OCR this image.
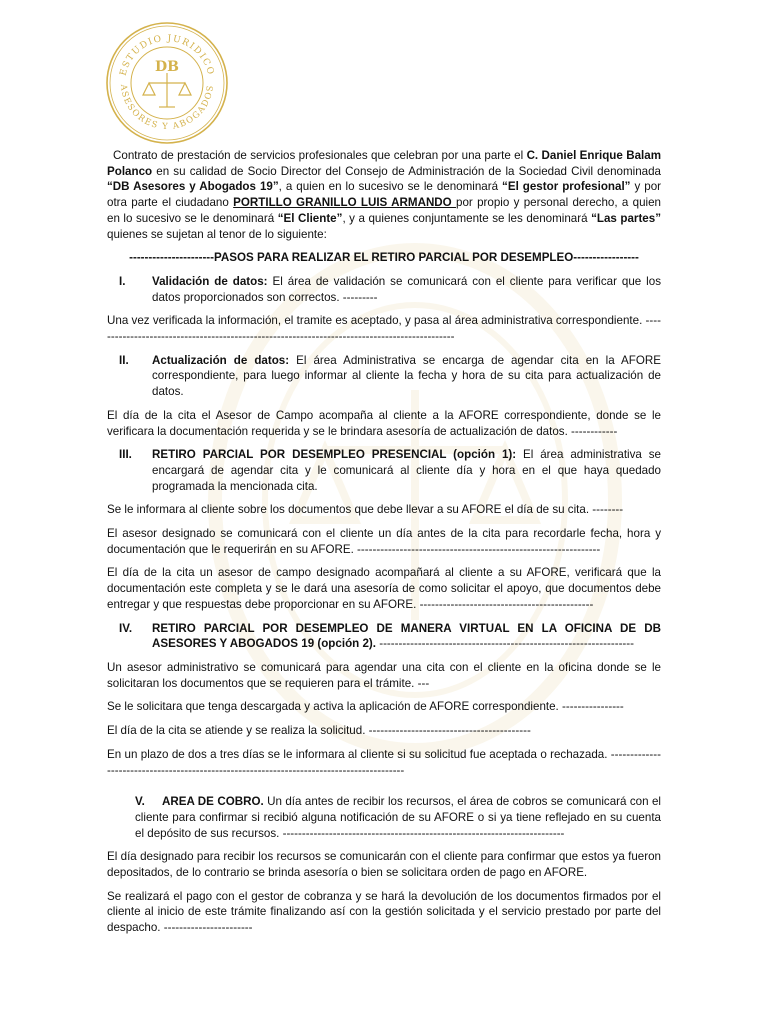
ESTUDIO JURIDICO
ASESORES Y ABOGADOS
DB

Contrato de prestación de servicios profesionales que celebran por una parte el C. Daniel Enrique Balam Polanco en su calidad de Socio Director del Consejo de Administración de la Sociedad Civil denominada “DB Asesores y Abogados 19”, a quien en lo sucesivo se le denominará “El gestor profesional” y por otra parte el ciudadano PORTILLO GRANILLO LUIS ARMANDO por propio y personal derecho, a quien en lo sucesivo se le denominará “El Cliente”, y a quienes conjuntamente se les denominará “Las partes” quienes se sujetan al tenor de lo siguiente:

----------------------PASOS PARA REALIZAR EL RETIRO PARCIAL POR DESEMPLEO-----------------

I.	Validación de datos: El área de validación se comunicará con el cliente para verificar que los datos proporcionados son correctos. ---------

Una vez verificada la información, el tramite es aceptado, y pasa al área administrativa correspondiente. ----------------------------------------------------------------------------------------------

II.	Actualización de datos: El área Administrativa se encarga de agendar cita en la AFORE correspondiente, para luego informar al cliente la fecha y hora de su cita para actualización de datos.

El día de la cita el Asesor de Campo acompaña al cliente a la AFORE correspondiente, donde se le verificara la documentación requerida y se le brindara asesoría de actualización de datos. ------------

III.	RETIRO PARCIAL POR DESEMPLEO PRESENCIAL (opción 1): El área administrativa se encargará de agendar cita y le comunicará al cliente día y hora en el que haya quedado programada la mencionada cita.

Se le informara al cliente sobre los documentos que debe llevar a su AFORE el día de su cita. --------

El asesor designado se comunicará con el cliente un día antes de la cita para recordarle fecha, hora y documentación que le requerirán en su AFORE. ---------------------------------------------------------------

El día de la cita un asesor de campo designado acompañará al cliente a su AFORE, verificará que la documentación este completa y se le dará una asesoría de como solicitar el apoyo, que documentos debe entregar y que respuestas debe proporcionar en su AFORE. ---------------------------------------------

IV.	RETIRO PARCIAL POR DESEMPLEO DE MANERA VIRTUAL EN LA OFICINA DE DB ASESORES Y ABOGADOS 19 (opción 2). ------------------------------------------------------------------

Un asesor administrativo se comunicará para agendar una cita con el cliente en la oficina donde se le solicitaran los documentos que se requieren para el trámite. ---

Se le solicitara que tenga descargada y activa la aplicación de AFORE correspondiente. ----------------

El día de la cita se atiende y se realiza la solicitud. ------------------------------------------

En un plazo de dos a tres días se le informara al cliente si su solicitud fue aceptada o rechazada. ------------------------------------------------------------------------------------------

V. AREA DE COBRO. Un día antes de recibir los recursos, el área de cobros se comunicará con el cliente para confirmar si recibió alguna notificación de su AFORE o si ya tiene reflejado en su cuenta el depósito de sus recursos. -------------------------------------------------------------------------

El día designado para recibir los recursos se comunicarán con el cliente para confirmar que estos ya fueron depositados, de lo contrario se brinda asesoría o bien se solicitara orden de pago en AFORE.

Se realizará el pago con el gestor de cobranza y se hará la devolución de los documentos firmados por el cliente al inicio de este trámite finalizando así con la gestión solicitada y el servicio prestado por parte del despacho. -----------------------
